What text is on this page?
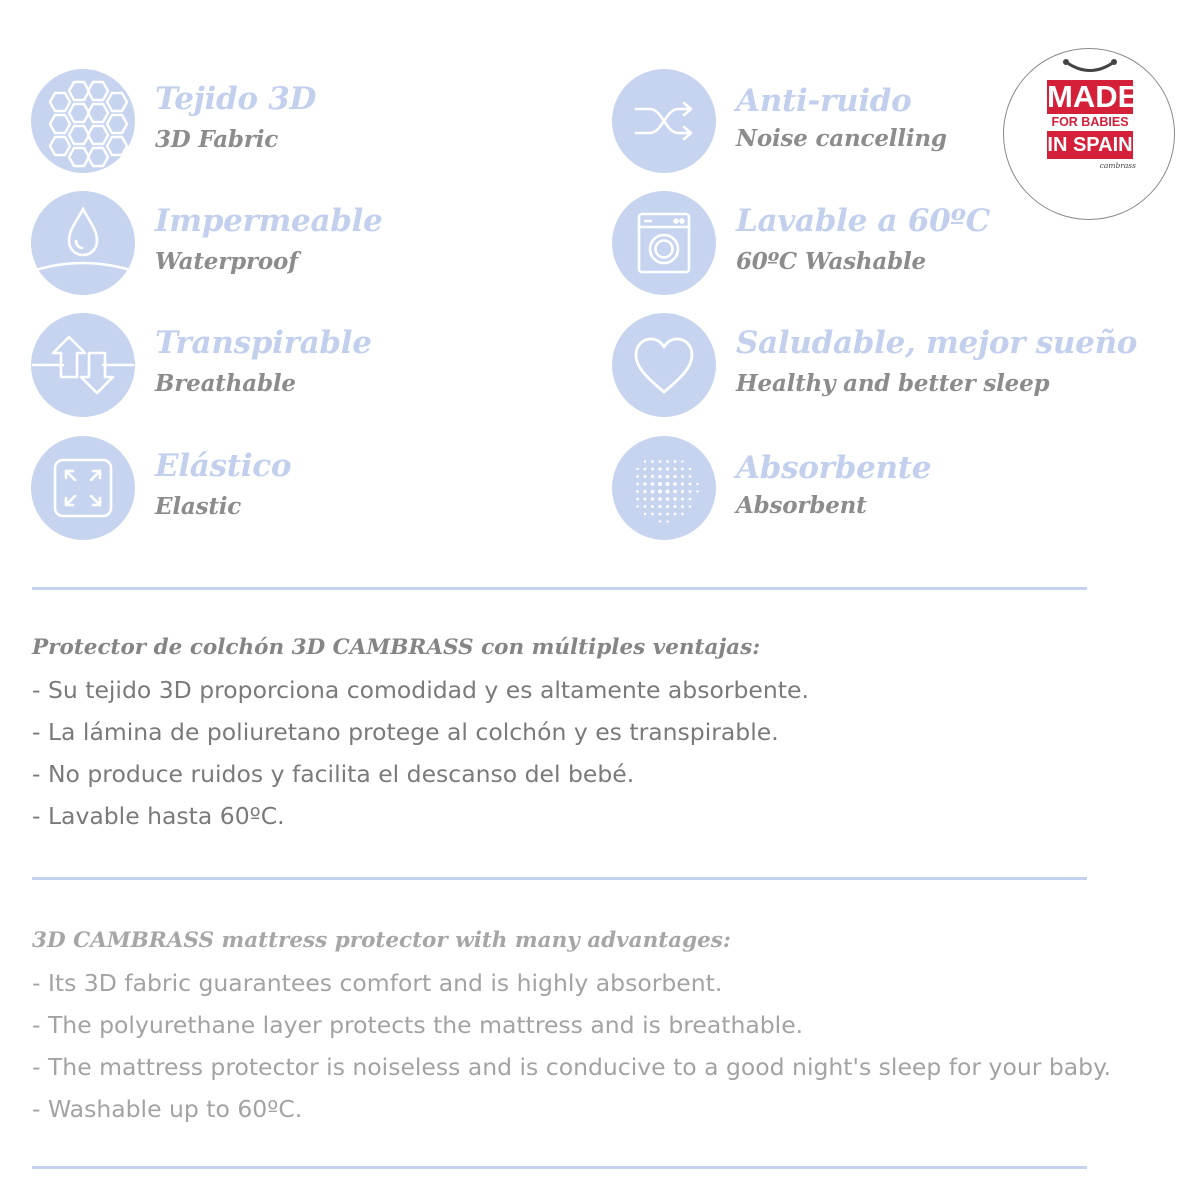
Tejido 3D
3D Fabric
Impermeable
Waterproof
Transpirable
Breathable
Elástico
Elastic
Anti-ruido
Noise cancelling
Lavable a 60ºC
60ºC Washable
Saludable, mejor sueño
Healthy and better sleep
Absorbente
Absorbent
MADE
FOR BABIES
IN SPAIN
cambrass
Protector de colchón 3D CAMBRASS con múltiples ventajas:
- Su tejido 3D proporciona comodidad y es altamente absorbente.
- La lámina de poliuretano protege al colchón y es transpirable.
- No produce ruidos y facilita el descanso del bebé.
- Lavable hasta 60ºC.
3D CAMBRASS mattress protector with many advantages:
- Its 3D fabric guarantees comfort and is highly absorbent.
- The polyurethane layer protects the mattress and is breathable.
- The mattress protector is noiseless and is conducive to a good night's sleep for your baby.
- Washable up to 60ºC.
